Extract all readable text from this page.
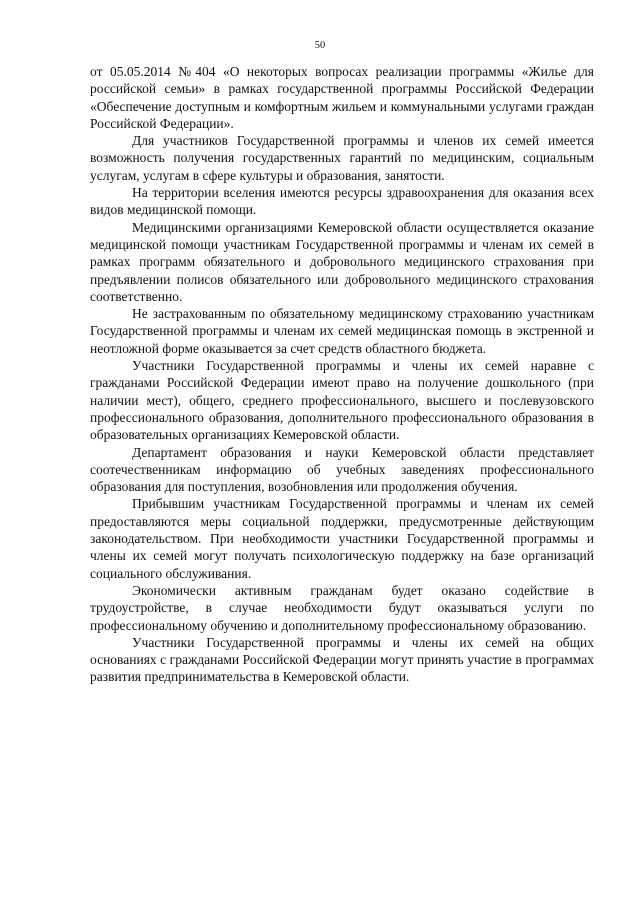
50

от 05.05.2014 №404 «О некоторых вопросах реализации программы «Жилье для российской семьи» в рамках государственной программы Российской Федерации «Обеспечение доступным и комфортным жильем и коммунальными услугами граждан Российской Федерации».

Для участников Государственной программы и членов их семей имеется возможность получения государственных гарантий по медицинским, социальным услугам, услугам в сфере культуры и образования, занятости.

На территории вселения имеются ресурсы здравоохранения для оказания всех видов медицинской помощи.

Медицинскими организациями Кемеровской области осуществляется оказание медицинской помощи участникам Государственной программы и членам их семей в рамках программ обязательного и добровольного медицинского страхования при предъявлении полисов обязательного или добровольного медицинского страхования соответственно.

Не застрахованным по обязательному медицинскому страхованию участникам Государственной программы и членам их семей медицинская помощь в экстренной и неотложной форме оказывается за счет средств областного бюджета.

Участники Государственной программы и члены их семей наравне с гражданами Российской Федерации имеют право на получение дошкольного (при наличии мест), общего, среднего профессионального, высшего и послевузовского профессионального образования, дополнительного профессионального образования в образовательных организациях Кемеровской области.

Департамент образования и науки Кемеровской области представляет соотечественникам информацию об учебных заведениях профессионального образования для поступления, возобновления или продолжения обучения.

Прибывшим участникам Государственной программы и членам их семей предоставляются меры социальной поддержки, предусмотренные действующим законодательством. При необходимости участники Государственной программы и члены их семей могут получать психологическую поддержку на базе организаций социального обслуживания.

Экономически активным гражданам будет оказано содействие в трудоустройстве, в случае необходимости будут оказываться услуги по профессиональному обучению и дополнительному профессиональному образованию.

Участники Государственной программы и члены их семей на общих основаниях с гражданами Российской Федерации могут принять участие в программах развития предпринимательства в Кемеровской области.
